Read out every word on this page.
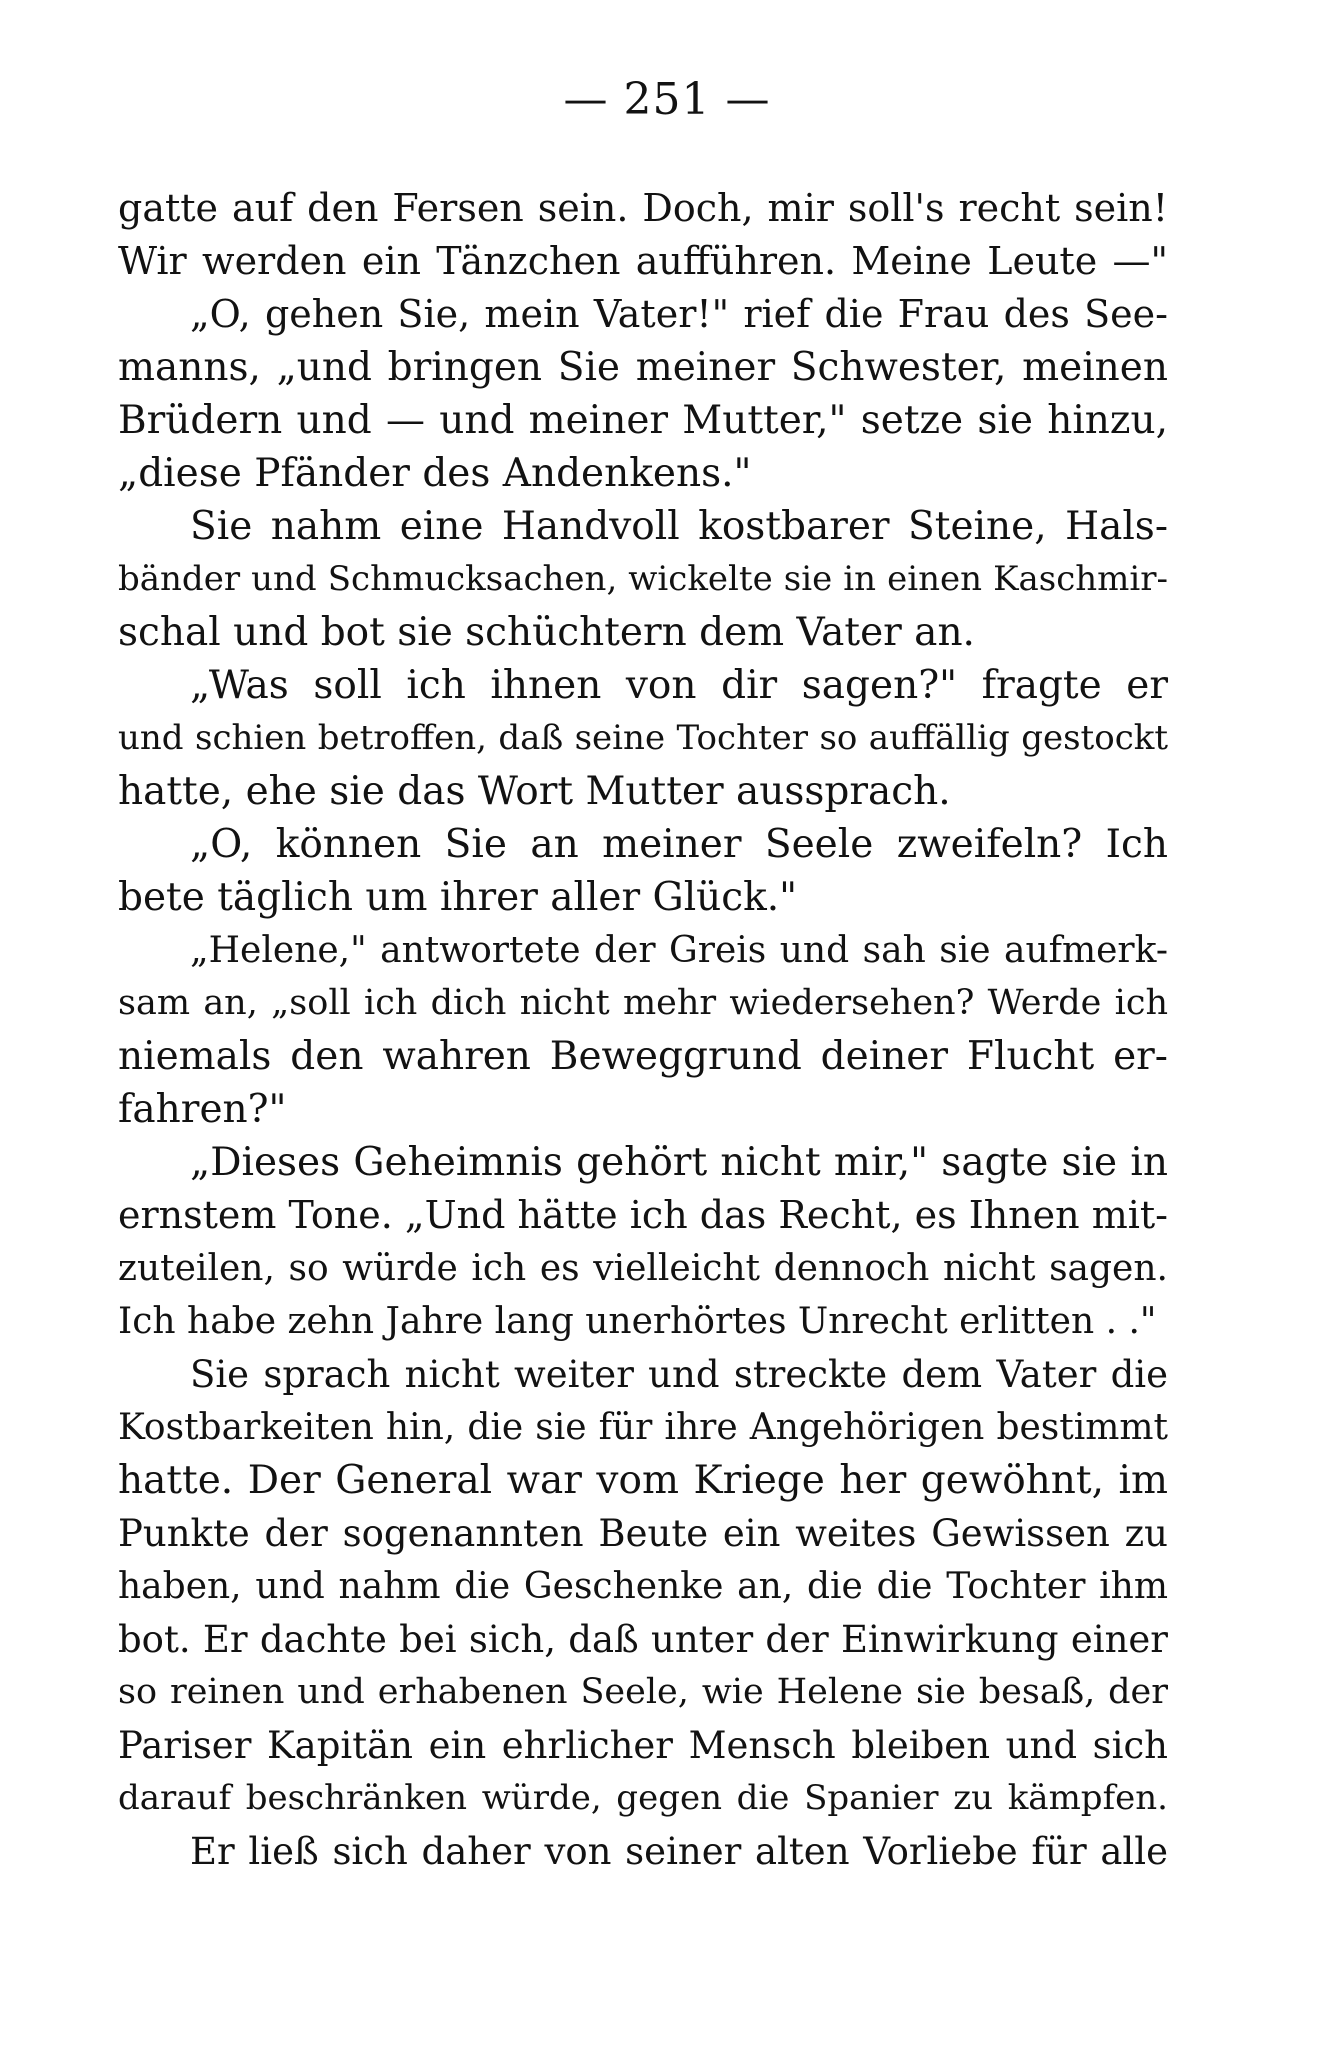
— 251 —
gatte auf den Fersen sein. Doch, mir soll's recht sein!
Wir werden ein Tänzchen aufführen. Meine Leute —"
„O, gehen Sie, mein Vater!" rief die Frau des See-
manns, „und bringen Sie meiner Schwester, meinen
Brüdern und — und meiner Mutter," setze sie hinzu,
„diese Pfänder des Andenkens."
Sie nahm eine Handvoll kostbarer Steine, Hals-
bänder und Schmucksachen, wickelte sie in einen Kaschmir-
schal und bot sie schüchtern dem Vater an.
„Was soll ich ihnen von dir sagen?" fragte er
und schien betroffen, daß seine Tochter so auffällig gestockt
hatte, ehe sie das Wort Mutter aussprach.
„O, können Sie an meiner Seele zweifeln? Ich
bete täglich um ihrer aller Glück."
„Helene," antwortete der Greis und sah sie aufmerk-
sam an, „soll ich dich nicht mehr wiedersehen? Werde ich
niemals den wahren Beweggrund deiner Flucht er-
fahren?"
„Dieses Geheimnis gehört nicht mir," sagte sie in
ernstem Tone. „Und hätte ich das Recht, es Ihnen mit-
zuteilen, so würde ich es vielleicht dennoch nicht sagen.
Ich habe zehn Jahre lang unerhörtes Unrecht erlitten . ."
Sie sprach nicht weiter und streckte dem Vater die
Kostbarkeiten hin, die sie für ihre Angehörigen bestimmt
hatte. Der General war vom Kriege her gewöhnt, im
Punkte der sogenannten Beute ein weites Gewissen zu
haben, und nahm die Geschenke an, die die Tochter ihm
bot. Er dachte bei sich, daß unter der Einwirkung einer
so reinen und erhabenen Seele, wie Helene sie besaß, der
Pariser Kapitän ein ehrlicher Mensch bleiben und sich
darauf beschränken würde, gegen die Spanier zu kämpfen.
Er ließ sich daher von seiner alten Vorliebe für alle
